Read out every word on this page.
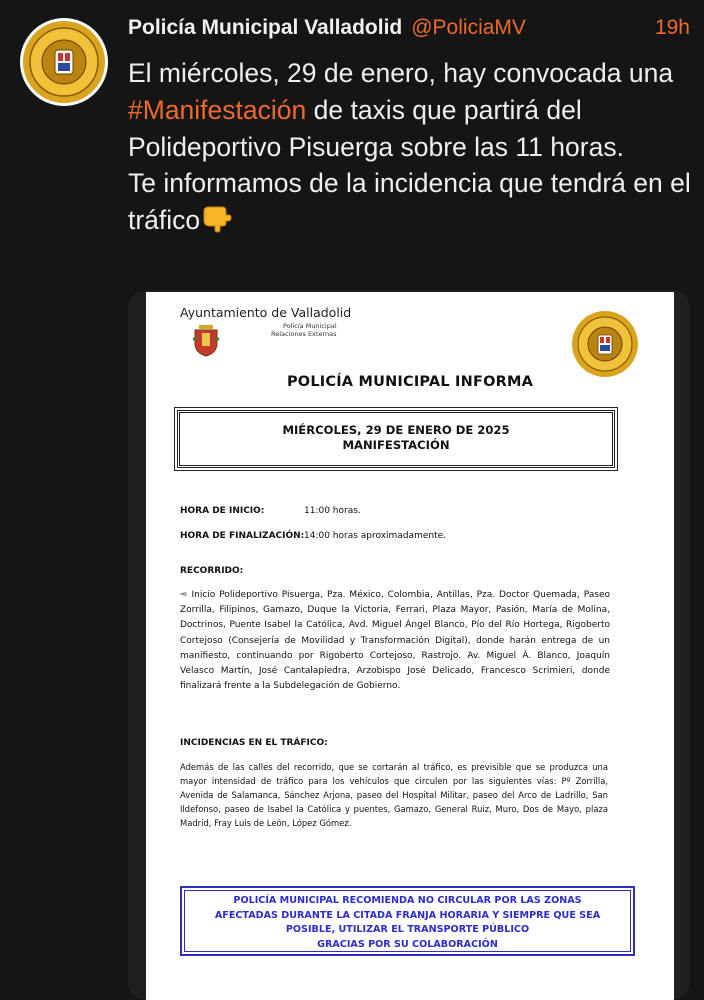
Policía Municipal Valladolid @PoliciaMV	19h
El miércoles, 29 de enero, hay convocada una #Manifestación de taxis que partirá del Polideportivo Pisuerga sobre las 11 horas.
Te informamos de la incidencia que tendrá en el tráfico
Ayuntamiento de Valladolid
Policía Municipal
Relaciones Externas
POLICÍA MUNICIPAL INFORMA
MIÉRCOLES, 29 DE ENERO DE 2025
MANIFESTACIÓN
HORA DE INICIO:	11:00 horas.
HORA DE FINALIZACIÓN: 14:00 horas aproximadamente.
RECORRIDO:
➾ Inicio Polideportivo Pisuerga, Pza. México, Colombia, Antillas, Pza. Doctor Quemada, Paseo Zorrilla, Filipinos, Gamazo, Duque la Victoria, Ferrari, Plaza Mayor, Pasión, María de Molina, Doctrinos, Puente Isabel la Católica, Avd. Miguel Ángel Blanco, Pío del Río Hortega, Rigoberto Cortejoso (Consejería de Movilidad y Transformación Digital), donde harán entrega de un manifiesto, continuando por Rigoberto Cortejoso, Rastrojo. Av. Miguel Á. Blanco, Joaquín Velasco Martín, José Cantalapiedra, Arzobispo José Delicado, Francesco Scrimieri, donde finalizará frente a la Subdelegación de Gobierno.
INCIDENCIAS EN EL TRÁFICO:
Además de las calles del recorrido, que se cortarán al tráfico, es previsible que se produzca una mayor intensidad de tráfico para los vehículos que circulen por las siguientes vías: Pº Zorrilla, Avenida de Salamanca, Sánchez Arjona, paseo del Hospital Militar, paseo del Arco de Ladrillo, San Ildefonso, paseo de Isabel la Católica y puentes, Gamazo, General Ruiz, Muro, Dos de Mayo, plaza Madrid, Fray Luis de León, López Gómez.
POLICÍA MUNICIPAL RECOMIENDA NO CIRCULAR POR LAS ZONAS
AFECTADAS DURANTE LA CITADA FRANJA HORARIA Y SIEMPRE QUE SEA
POSIBLE, UTILIZAR EL TRANSPORTE PÚBLICO
GRACIAS POR SU COLABORACIÓN
